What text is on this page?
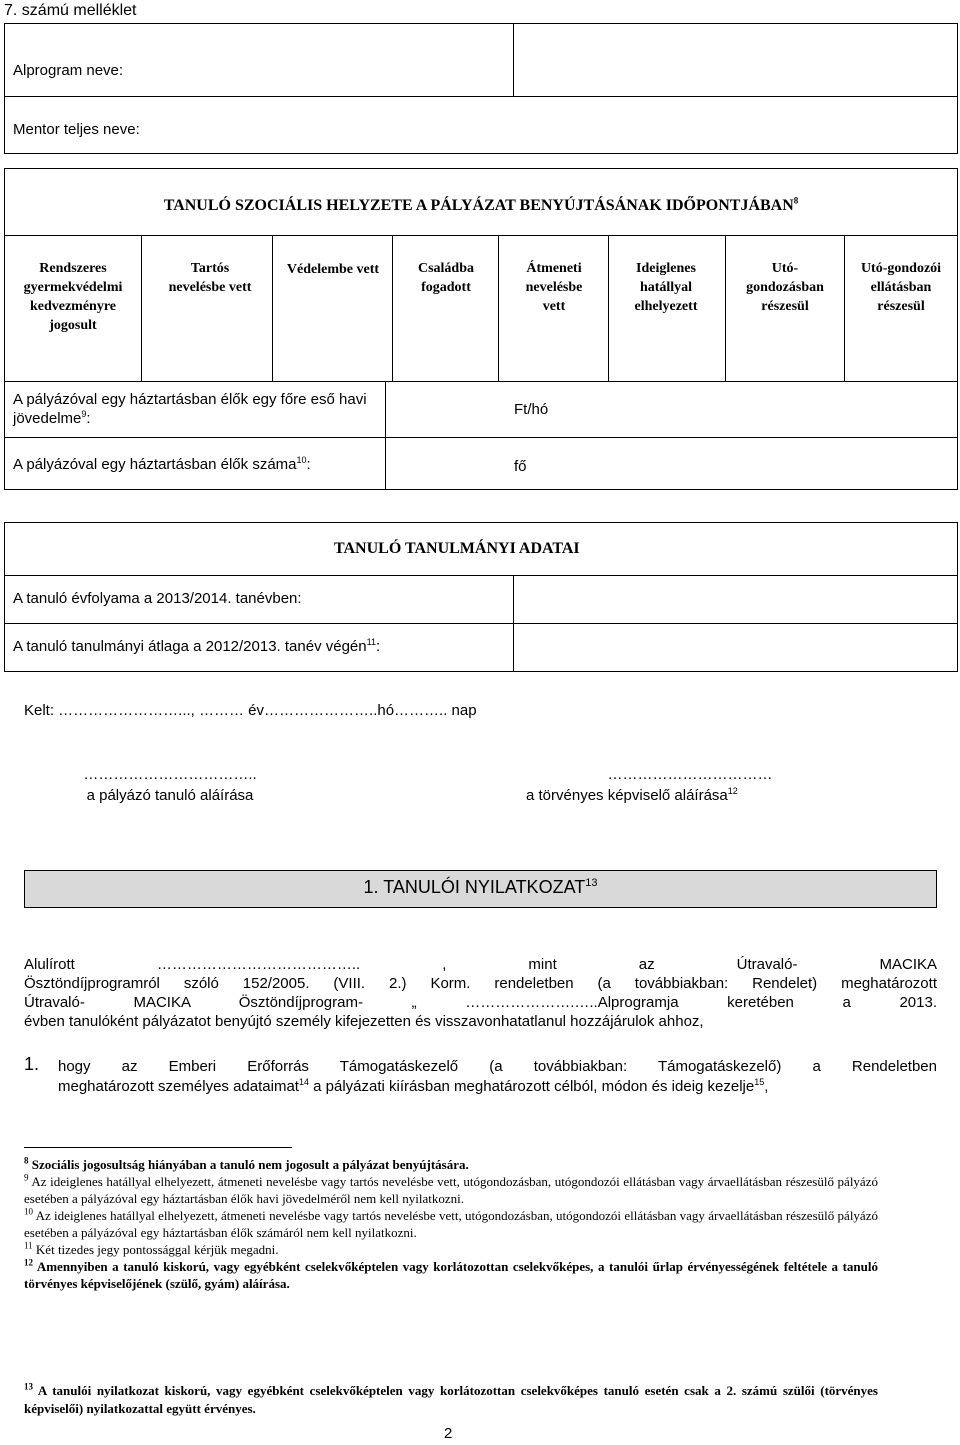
7. számú melléklet
Alprogram neve:
Mentor teljes neve:
TANULÓ SZOCIÁLIS HELYZETE A PÁLYÁZAT BENYÚJTÁSÁNAK IDŐPONTJÁBAN$^8$
Rendszeres gyermekvédelmi kedvezményre jogosult
Tartós nevelésbe vett
Védelembe vett	Családba fogadott
Átmeneti nevelésbe vett
Ideiglenes hatállyal elhelyezett
Utó-gondozásban részesül
Utó-gondozói ellátásban részesül
A pályázóval egy háztartásban élők egy főre eső havi jövedelme$^9$:
Ft/hó
A pályázóval egy háztartásban élők száma$^{10}$:	fő
TANULÓ TANULMÁNYI ADATAI
A tanuló évfolyama a 2013/2014. tanévben:
A tanuló tanulmányi átlaga a 2012/2013. tanév végén$^{11}$:
Kelt: ……………………..., ……… év…………………..hó……….. nap
……………………………..
a pályázó tanuló aláírása
……………………………
a törvényes képviselő aláírása$^{12}$
1. TANULÓI NYILATKOZAT$^{13}$
Alulírott ………………………………….. , mint az Útravaló- MACIKA
Ösztöndíjprogramról szóló 152/2005. (VIII. 2.) Korm. rendeletben (a továbbiakban: Rendelet) meghatározott
Útravaló- MACIKA Ösztöndíjprogram- „ ………………….…..Alprogramja keretében a 2013.
évben tanulóként pályázatot benyújtó személy kifejezetten és visszavonhatatlanul hozzájárulok ahhoz,
1. hogy az Emberi Erőforrás Támogatáskezelő (a továbbiakban: Támogatáskezelő) a Rendeletben
meghatározott személyes adataimat$^{14}$ a pályázati kiírásban meghatározott célból, módon és ideig kezelje$^{15}$,
$^8$ Szociális jogosultság hiányában a tanuló nem jogosult a pályázat benyújtására.
$^9$ Az ideiglenes hatállyal elhelyezett, átmeneti nevelésbe vagy tartós nevelésbe vett, utógondozásban, utógondozói ellátásban vagy árvaellátásban részesülő pályázó esetében a pályázóval egy háztartásban élők havi jövedelméről nem kell nyilatkozni.
$^{10}$ Az ideiglenes hatállyal elhelyezett, átmeneti nevelésbe vagy tartós nevelésbe vett, utógondozásban, utógondozói ellátásban vagy árvaellátásban részesülő pályázó esetében a pályázóval egy háztartásban élők számáról nem kell nyilatkozni.
$^{11}$ Két tizedes jegy pontossággal kérjük megadni.
$^{12}$ Amennyiben a tanuló kiskorú, vagy egyébként cselekvőképtelen vagy korlátozottan cselekvőképes, a tanulói űrlap érvényességének feltétele a tanuló törvényes képviselőjének (szülő, gyám) aláírása.
$^{13}$ A tanulói nyilatkozat kiskorú, vagy egyébként cselekvőképtelen vagy korlátozottan cselekvőképes tanuló esetén csak a 2. számú szülői (törvényes képviselői) nyilatkozattal együtt érvényes.
2
